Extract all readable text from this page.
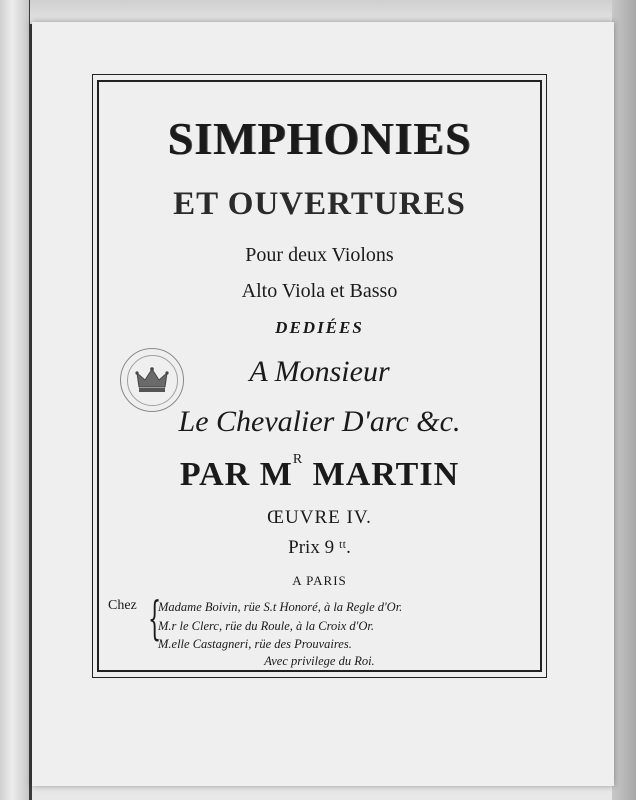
SIMPHONIES

ET OUVERTURES

Pour deux Violons

Alto Viola et Basso

DEDIÉES

A Monsieur

Le Chevalier D'arc &c.

PAR $M^R$ MARTIN

ŒUVRE IV.

Prix 9 ᵗᵗ.

A PARIS

Chez {
Madame Boivin, rüe S.t Honoré, à la Regle d'Or.
M.r le Clerc, rüe du Roule, à la Croix d'Or.
M.elle Castagneri, rüe des Prouvaires.
Avec privilege du Roi.
